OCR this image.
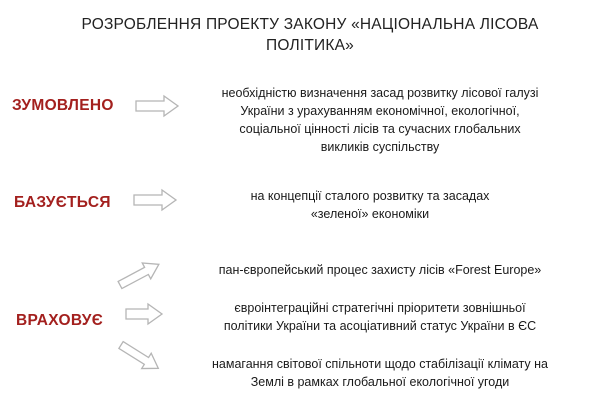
РОЗРОБЛЕННЯ ПРОЕКТУ ЗАКОНУ «НАЦІОНАЛЬНА ЛІСОВА
ПОЛІТИКА»
ЗУМОВЛЕНО
необхідністю визначення засад розвитку лісової галузі
України з урахуванням економічної, екологічної,
соціальної цінності лісів та сучасних глобальних
викликів суспільству
БАЗУЄТЬСЯ	на концепції сталого розвитку та засадах
«зеленої» економіки
ВРАХОВУЄ
пан-європейський процес захисту лісів «Forest Europe»
євроінтеграційні стратегічні пріоритети зовнішньої
політики України та асоціативний статус України в ЄС
намагання світової спільноти щодо стабілізації клімату на
Землі в рамках глобальної екологічної угоди
